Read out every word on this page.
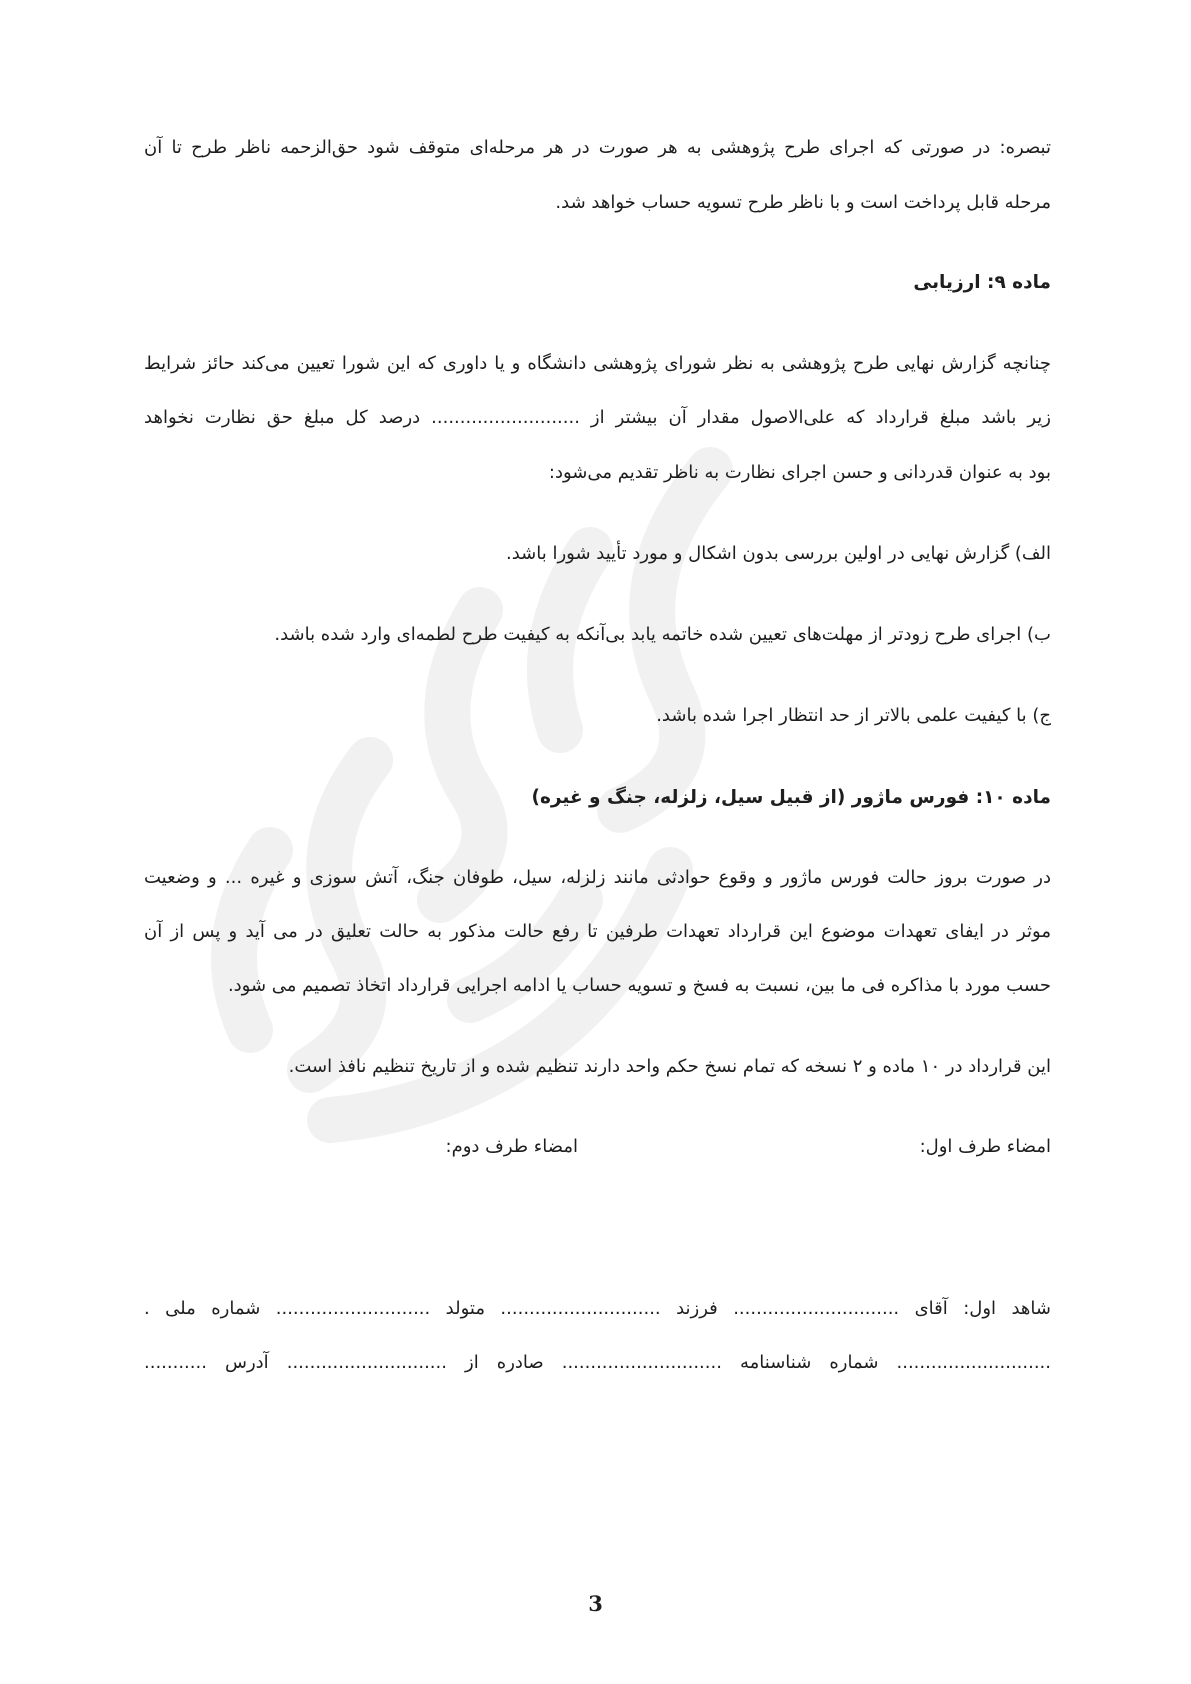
تبصره: در صورتی که اجرای طرح پژوهشی به هر صورت در هر مرحله‌ای متوقف شود حق‌الزحمه ناظر طرح تا آن
مرحله قابل پرداخت است و با ناظر طرح تسویه حساب خواهد شد.
ماده ۹: ارزیابی
چنانچه گزارش نهایی طرح پژوهشی به نظر شورای پژوهشی دانشگاه و یا داوری که این شورا تعیین می‌کند حائز شرایط
زیر باشد مبلغ قرارداد که علی‌الاصول مقدار آن بیشتر از .......................... درصد کل مبلغ حق نظارت نخواهد
بود به عنوان قدردانی و حسن اجرای نظارت به ناظر تقدیم می‌شود:
الف) گزارش نهایی در اولین بررسی بدون اشکال و مورد تأیید شورا باشد.
ب) اجرای طرح زودتر از مهلت‌های تعیین شده خاتمه یابد بی‌آنکه به کیفیت طرح لطمه‌ای وارد شده باشد.
ج) با کیفیت علمی بالاتر از حد انتظار اجرا شده باشد.
ماده ۱۰: فورس ماژور (از قبیل سیل، زلزله، جنگ و غیره)
در صورت بروز حالت فورس ماژور و وقوع حوادثی مانند زلزله، سیل، طوفان جنگ، آتش سوزی و غیره ... و وضعیت
موثر در ایفای تعهدات موضوع این قرارداد تعهدات طرفین تا رفع حالت مذکور به حالت تعلیق در می آید و پس از آن
حسب مورد با مذاکره فی ما بین، نسبت به فسخ و تسویه حساب یا ادامه اجرایی قرارداد اتخاذ تصمیم می شود.
این قرارداد در ۱۰ ماده و ۲ نسخه که تمام نسخ حکم واحد دارند تنظیم شده و از تاریخ تنظیم نافذ است.
امضاء طرف اول:
امضاء طرف دوم:
شاهد اول: آقای ............................. فرزند ............................ متولد ........................... شماره ملی .
........................... شماره شناسنامه ............................ صادره از ............................ آدرس ...........
3
